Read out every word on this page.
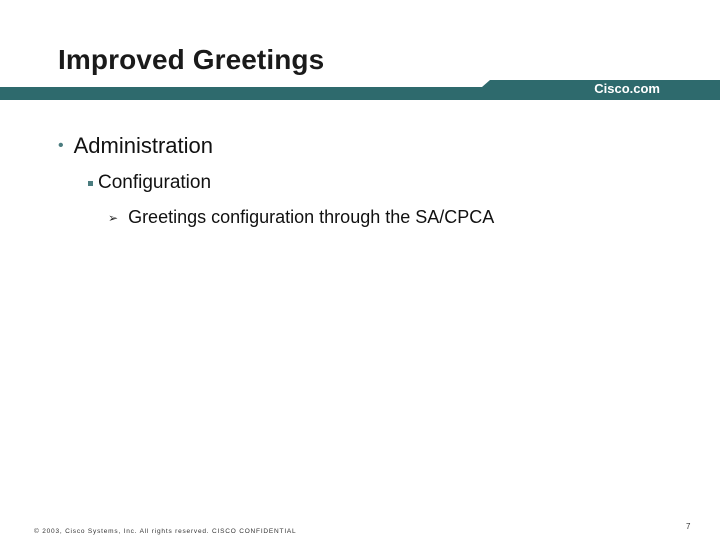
Improved Greetings
Cisco.com
• Administration
Configuration
➢ Greetings configuration through the SA/CPCA
© 2003, Cisco Systems, Inc. All rights reserved. CISCO CONFIDENTIAL
7
